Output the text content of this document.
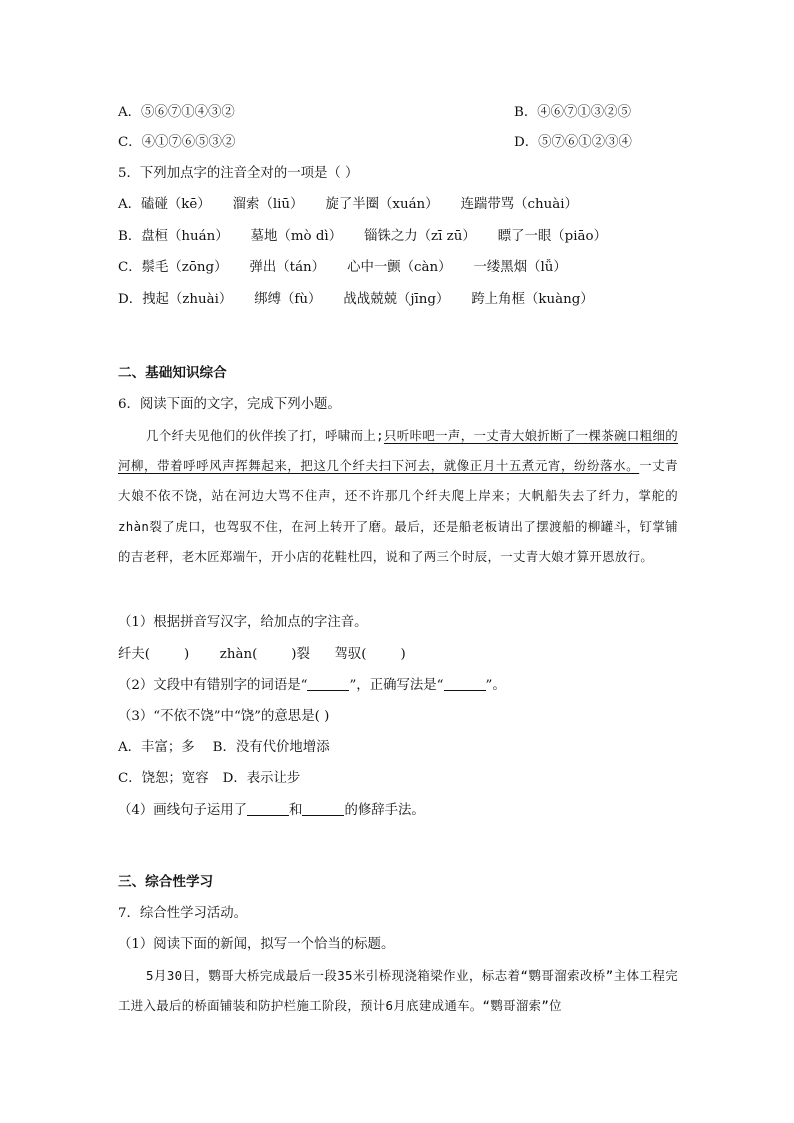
A．⑤⑥⑦①④③②	B．④⑥⑦①③②⑤
C．④①⑦⑥⑤③②	D．⑤⑦⑥①②③④
5．下列加点字的注音全对的一项是（ ）
A．磕碰（kē） 溜索（liū） 旋了半圈（xuán） 连踹带骂（chuài）
B．盘桓（huán） 墓地（mò dì） 锱铢之力（zī zū） 瞟了一眼（piāo）
C．鬃毛（zōng） 弹出（tán） 心中一颤（càn） 一缕黑烟（lǚ）
D．拽起（zhuài） 绑缚（fù） 战战兢兢（jīng） 跨上角框（kuàng）
二、基础知识综合
6．阅读下面的文字，完成下列小题。
几个纤夫见他们的伙伴挨了打，呼啸而上;只听咔吧一声，一丈青大娘折断了一棵茶碗口粗细的河柳，带着呼呼风声挥舞起来，把这几个纤夫扫下河去，就像正月十五煮元宵，纷纷落水。一丈青大娘不依不饶，站在河边大骂不住声，还不许那几个纤夫爬上岸来；大帆船失去了纤力，掌舵的zhàn裂了虎口，也驾驭不住，在河上转开了磨。最后，还是船老板请出了摆渡船的柳罐斗，钉掌铺的吉老秤，老木匠郑端午，开小店的花鞋杜四，说和了两三个时辰，一丈青大娘才算开恩放行。
（1）根据拼音写汉字，给加点的字注音。
纤夫(	) zhàn(	)裂 驾驭(	)
（2）文段中有错别字的词语是“	”，正确写法是“	”。
（3）“不依不饶”中“饶”的意思是( )
A．丰富；多 B．没有代价地增添
C．饶恕；宽容 D．表示让步
（4）画线句子运用了	和	的修辞手法。
三、综合性学习
7．综合性学习活动。
（1）阅读下面的新闻，拟写一个恰当的标题。
5月30日，鹦哥大桥完成最后一段35米引桥现浇箱梁作业，标志着“鹦哥溜索改桥”主体工程完工进入最后的桥面铺装和防护栏施工阶段，预计6月底建成通车。“鹦哥溜索”位
